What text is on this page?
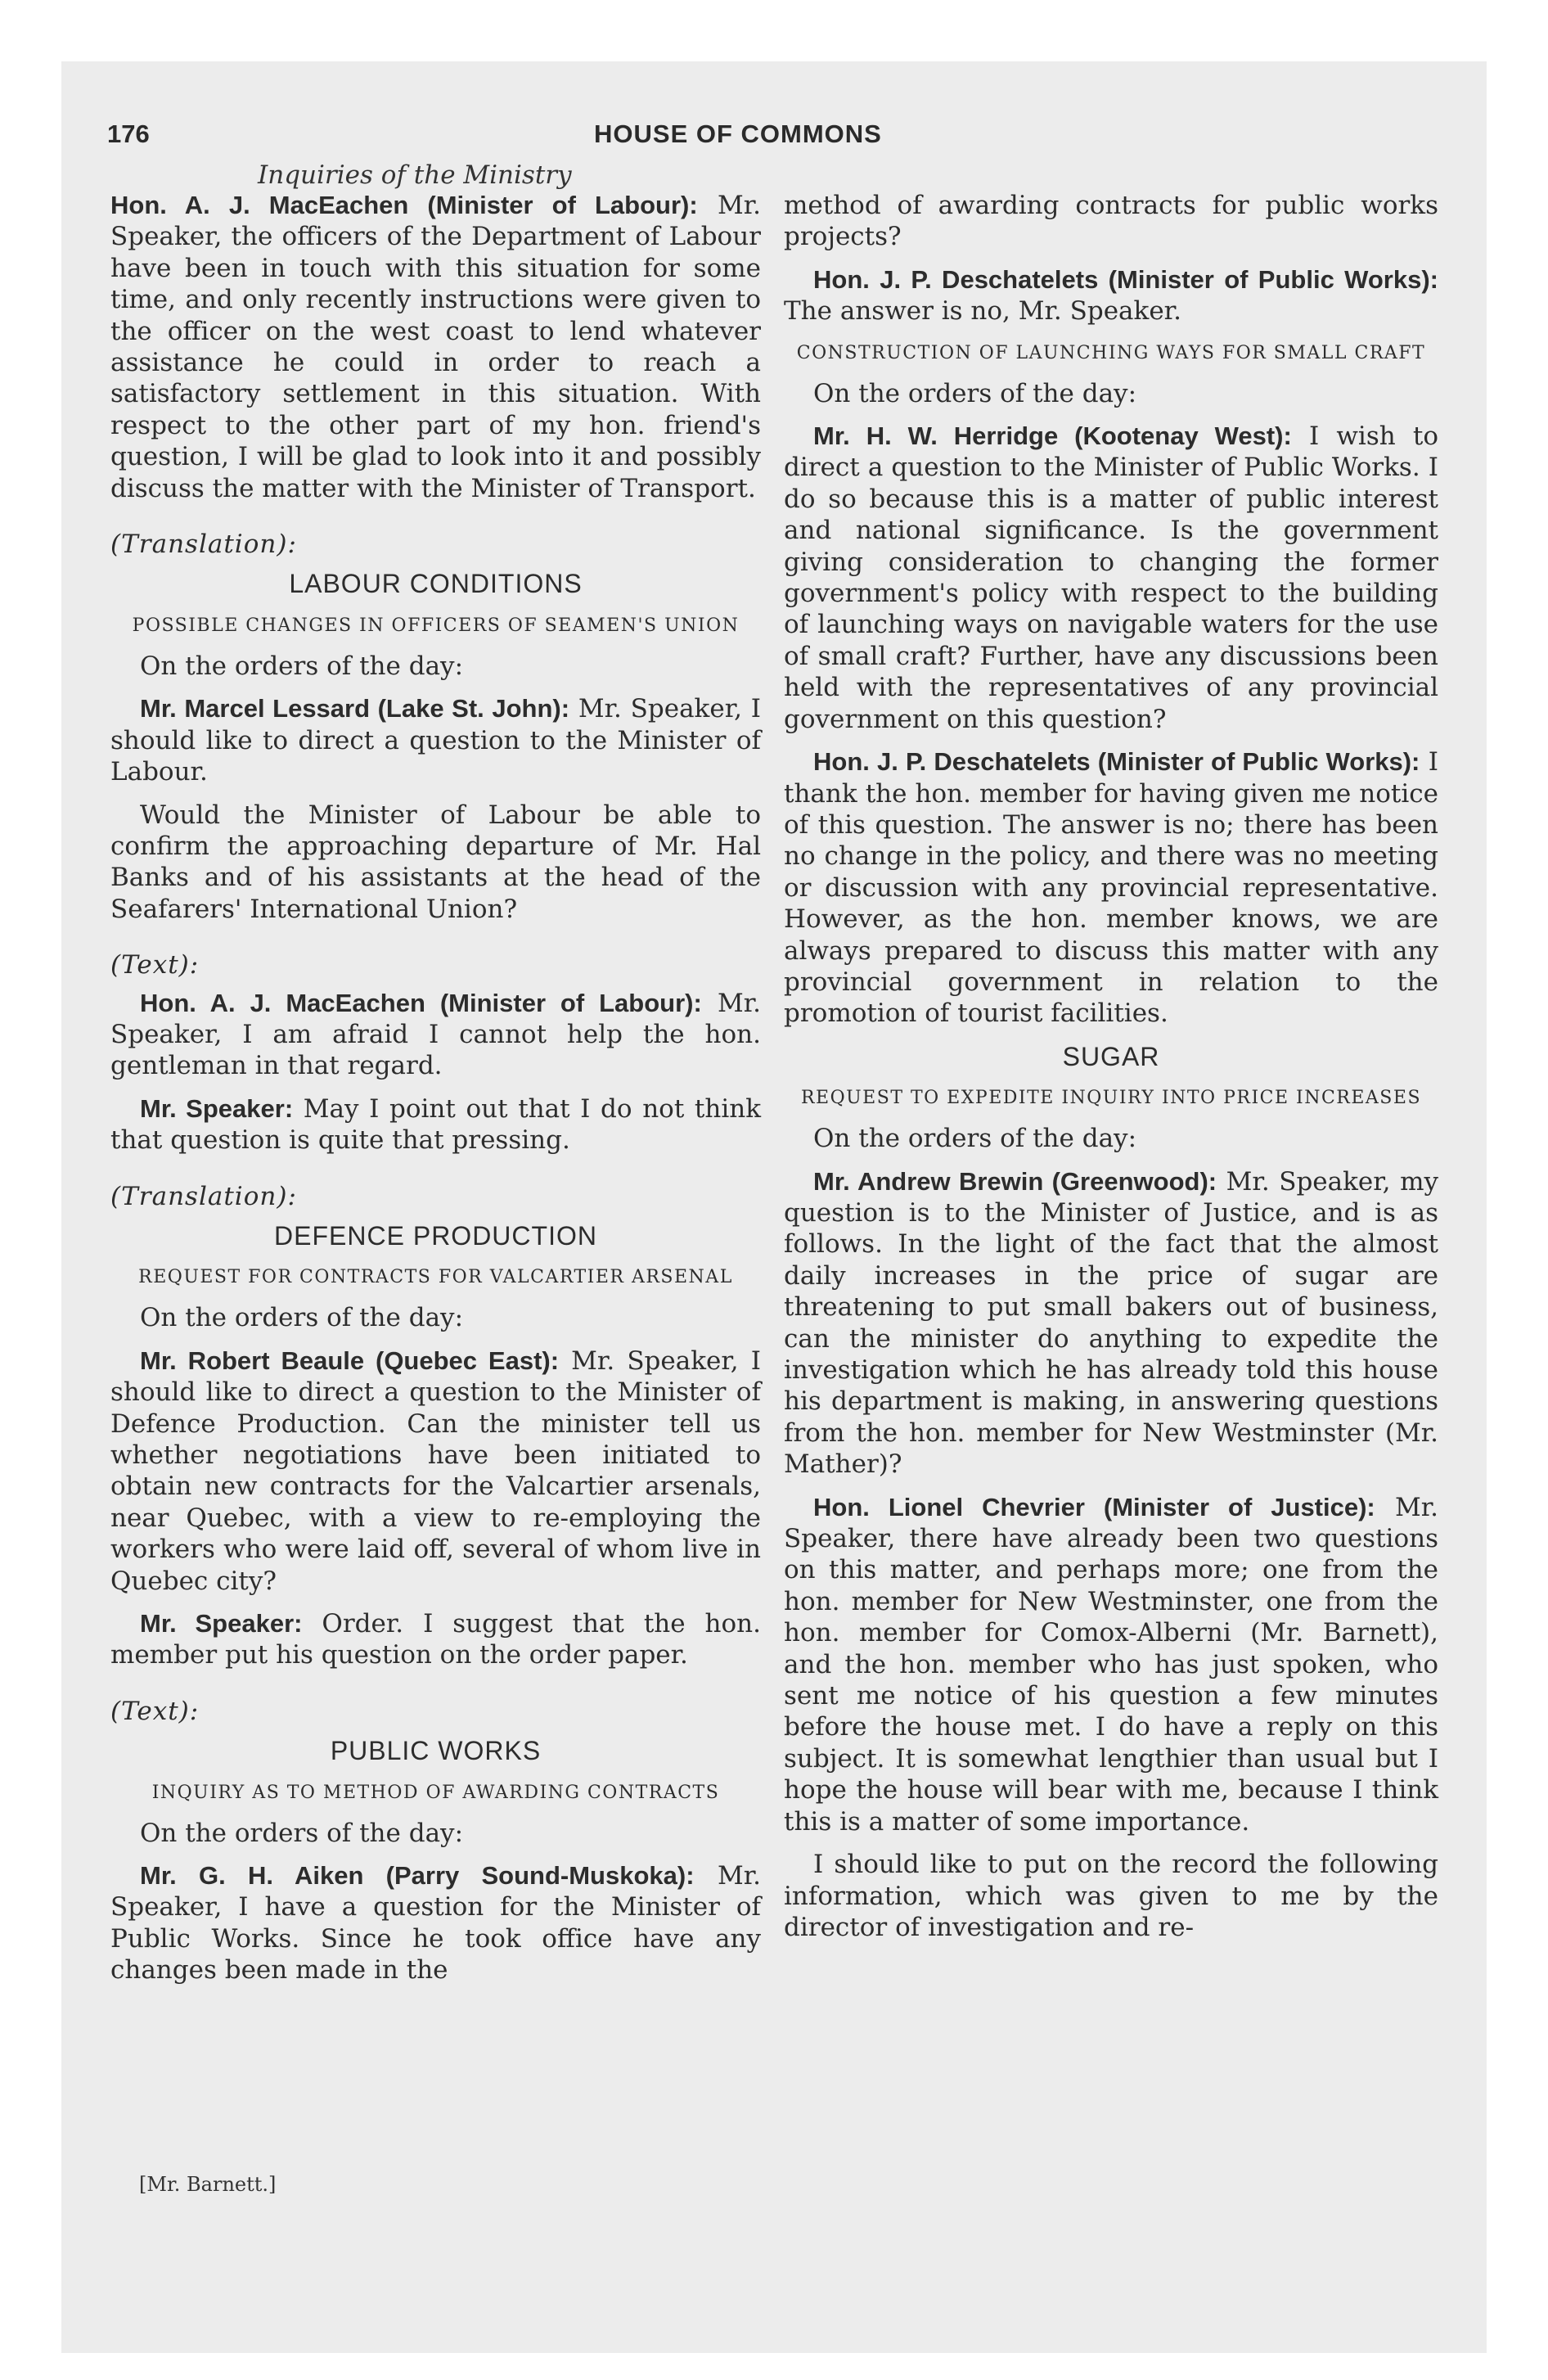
176	HOUSE OF COMMONS
Inquiries of the Ministry

Hon. A. J. MacEachen (Minister of Labour): Mr. Speaker, the officers of the Department of Labour have been in touch with this situation for some time, and only recently instructions were given to the officer on the west coast to lend whatever assistance he could in order to reach a satisfactory settlement in this situation. With respect to the other part of my hon. friend's question, I will be glad to look into it and possibly discuss the matter with the Minister of Transport.

(Translation):

LABOUR CONDITIONS
POSSIBLE CHANGES IN OFFICERS OF SEAMEN'S UNION

On the orders of the day:

Mr. Marcel Lessard (Lake St. John): Mr. Speaker, I should like to direct a question to the Minister of Labour.

Would the Minister of Labour be able to confirm the approaching departure of Mr. Hal Banks and of his assistants at the head of the Seafarers' International Union?

(Text):

Hon. A. J. MacEachen (Minister of Labour): Mr. Speaker, I am afraid I cannot help the hon. gentleman in that regard.

Mr. Speaker: May I point out that I do not think that question is quite that pressing.

(Translation):

DEFENCE PRODUCTION
REQUEST FOR CONTRACTS FOR VALCARTIER ARSENAL

On the orders of the day:

Mr. Robert Beaule (Quebec East): Mr. Speaker, I should like to direct a question to the Minister of Defence Production. Can the minister tell us whether negotiations have been initiated to obtain new contracts for the Valcartier arsenals, near Quebec, with a view to re-employing the workers who were laid off, several of whom live in Quebec city?

Mr. Speaker: Order. I suggest that the hon. member put his question on the order paper.

(Text):

PUBLIC WORKS
INQUIRY AS TO METHOD OF AWARDING CONTRACTS

On the orders of the day:

Mr. G. H. Aiken (Parry Sound-Muskoka): Mr. Speaker, I have a question for the Minister of Public Works. Since he took office have any changes been made in the

method of awarding contracts for public works projects?

Hon. J. P. Deschatelets (Minister of Public Works): The answer is no, Mr. Speaker.

CONSTRUCTION OF LAUNCHING WAYS FOR SMALL CRAFT

On the orders of the day:

Mr. H. W. Herridge (Kootenay West): I wish to direct a question to the Minister of Public Works. I do so because this is a matter of public interest and national significance. Is the government giving consideration to changing the former government's policy with respect to the building of launching ways on navigable waters for the use of small craft? Further, have any discussions been held with the representatives of any provincial government on this question?

Hon. J. P. Deschatelets (Minister of Public Works): I thank the hon. member for having given me notice of this question. The answer is no; there has been no change in the policy, and there was no meeting or discussion with any provincial representative. However, as the hon. member knows, we are always prepared to discuss this matter with any provincial government in relation to the promotion of tourist facilities.

SUGAR
REQUEST TO EXPEDITE INQUIRY INTO PRICE INCREASES

On the orders of the day:

Mr. Andrew Brewin (Greenwood): Mr. Speaker, my question is to the Minister of Justice, and is as follows. In the light of the fact that the almost daily increases in the price of sugar are threatening to put small bakers out of business, can the minister do anything to expedite the investigation which he has already told this house his department is making, in answering questions from the hon. member for New Westminster (Mr. Mather)?

Hon. Lionel Chevrier (Minister of Justice): Mr. Speaker, there have already been two questions on this matter, and perhaps more; one from the hon. member for New Westminster, one from the hon. member for Comox-Alberni (Mr. Barnett), and the hon. member who has just spoken, who sent me notice of his question a few minutes before the house met. I do have a reply on this subject. It is somewhat lengthier than usual but I hope the house will bear with me, because I think this is a matter of some importance.

I should like to put on the record the following information, which was given to me by the director of investigation and re-

[Mr. Barnett.]
